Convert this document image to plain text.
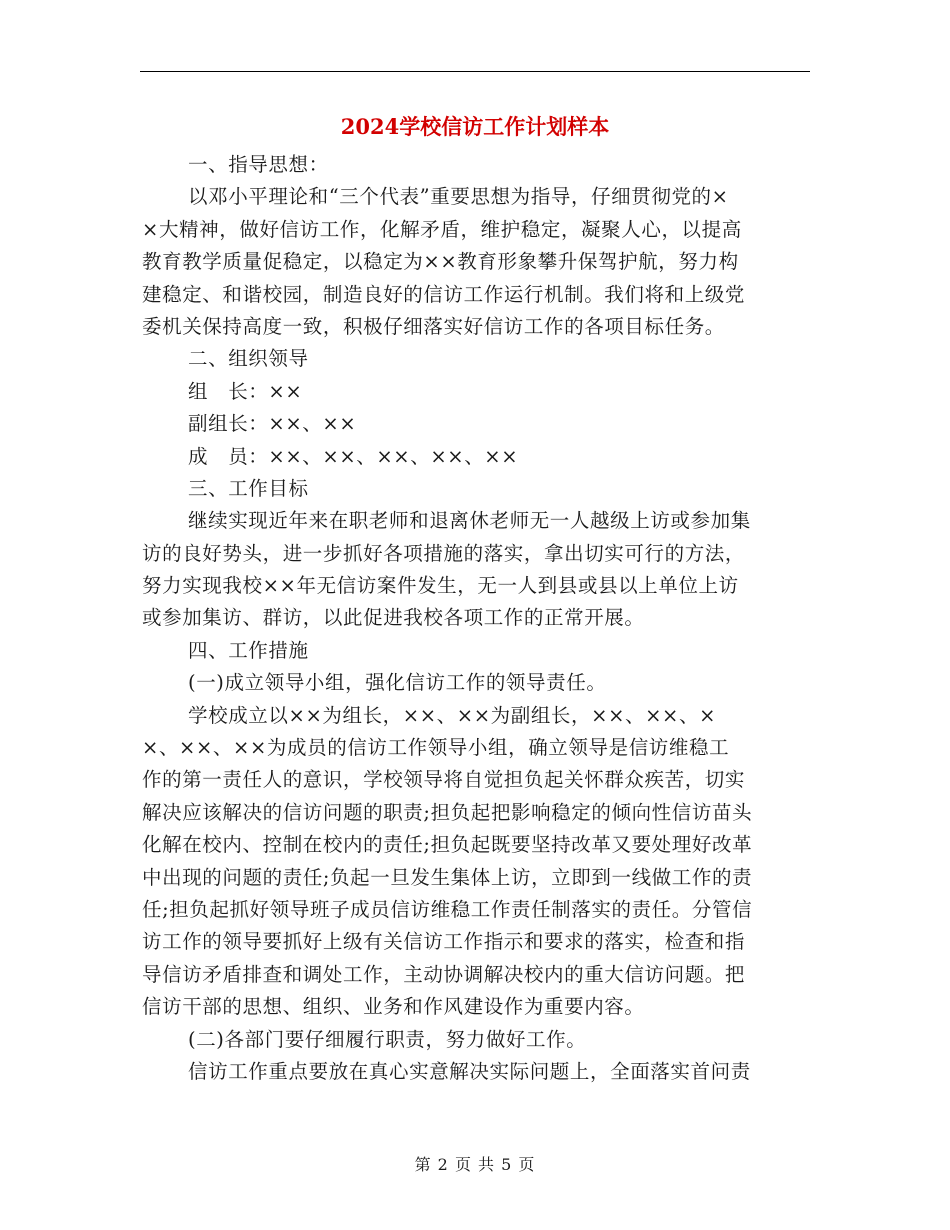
2024学校信访工作计划样本
一、指导思想：
以邓小平理论和“三个代表”重要思想为指导，仔细贯彻党的×
×大精神，做好信访工作，化解矛盾，维护稳定，凝聚人心，以提高
教育教学质量促稳定，以稳定为××教育形象攀升保驾护航，努力构
建稳定、和谐校园，制造良好的信访工作运行机制。我们将和上级党
委机关保持高度一致，积极仔细落实好信访工作的各项目标任务。
二、组织领导
组　长：××
副组长：××、××
成　员：××、××、××、××、××
三、工作目标
继续实现近年来在职老师和退离休老师无一人越级上访或参加集
访的良好势头，进一步抓好各项措施的落实，拿出切实可行的方法，
努力实现我校××年无信访案件发生，无一人到县或县以上单位上访
或参加集访、群访，以此促进我校各项工作的正常开展。
四、工作措施
(一)成立领导小组，强化信访工作的领导责任。
学校成立以××为组长，××、××为副组长，××、××、×
×、××、××为成员的信访工作领导小组，确立领导是信访维稳工
作的第一责任人的意识，学校领导将自觉担负起关怀群众疾苦，切实
解决应该解决的信访问题的职责;担负起把影响稳定的倾向性信访苗头
化解在校内、控制在校内的责任;担负起既要坚持改革又要处理好改革
中出现的问题的责任;负起一旦发生集体上访，立即到一线做工作的责
任;担负起抓好领导班子成员信访维稳工作责任制落实的责任。分管信
访工作的领导要抓好上级有关信访工作指示和要求的落实，检查和指
导信访矛盾排查和调处工作，主动协调解决校内的重大信访问题。把
信访干部的思想、组织、业务和作风建设作为重要内容。
(二)各部门要仔细履行职责，努力做好工作。
信访工作重点要放在真心实意解决实际问题上，全面落实首问责
第 2 页 共 5 页
